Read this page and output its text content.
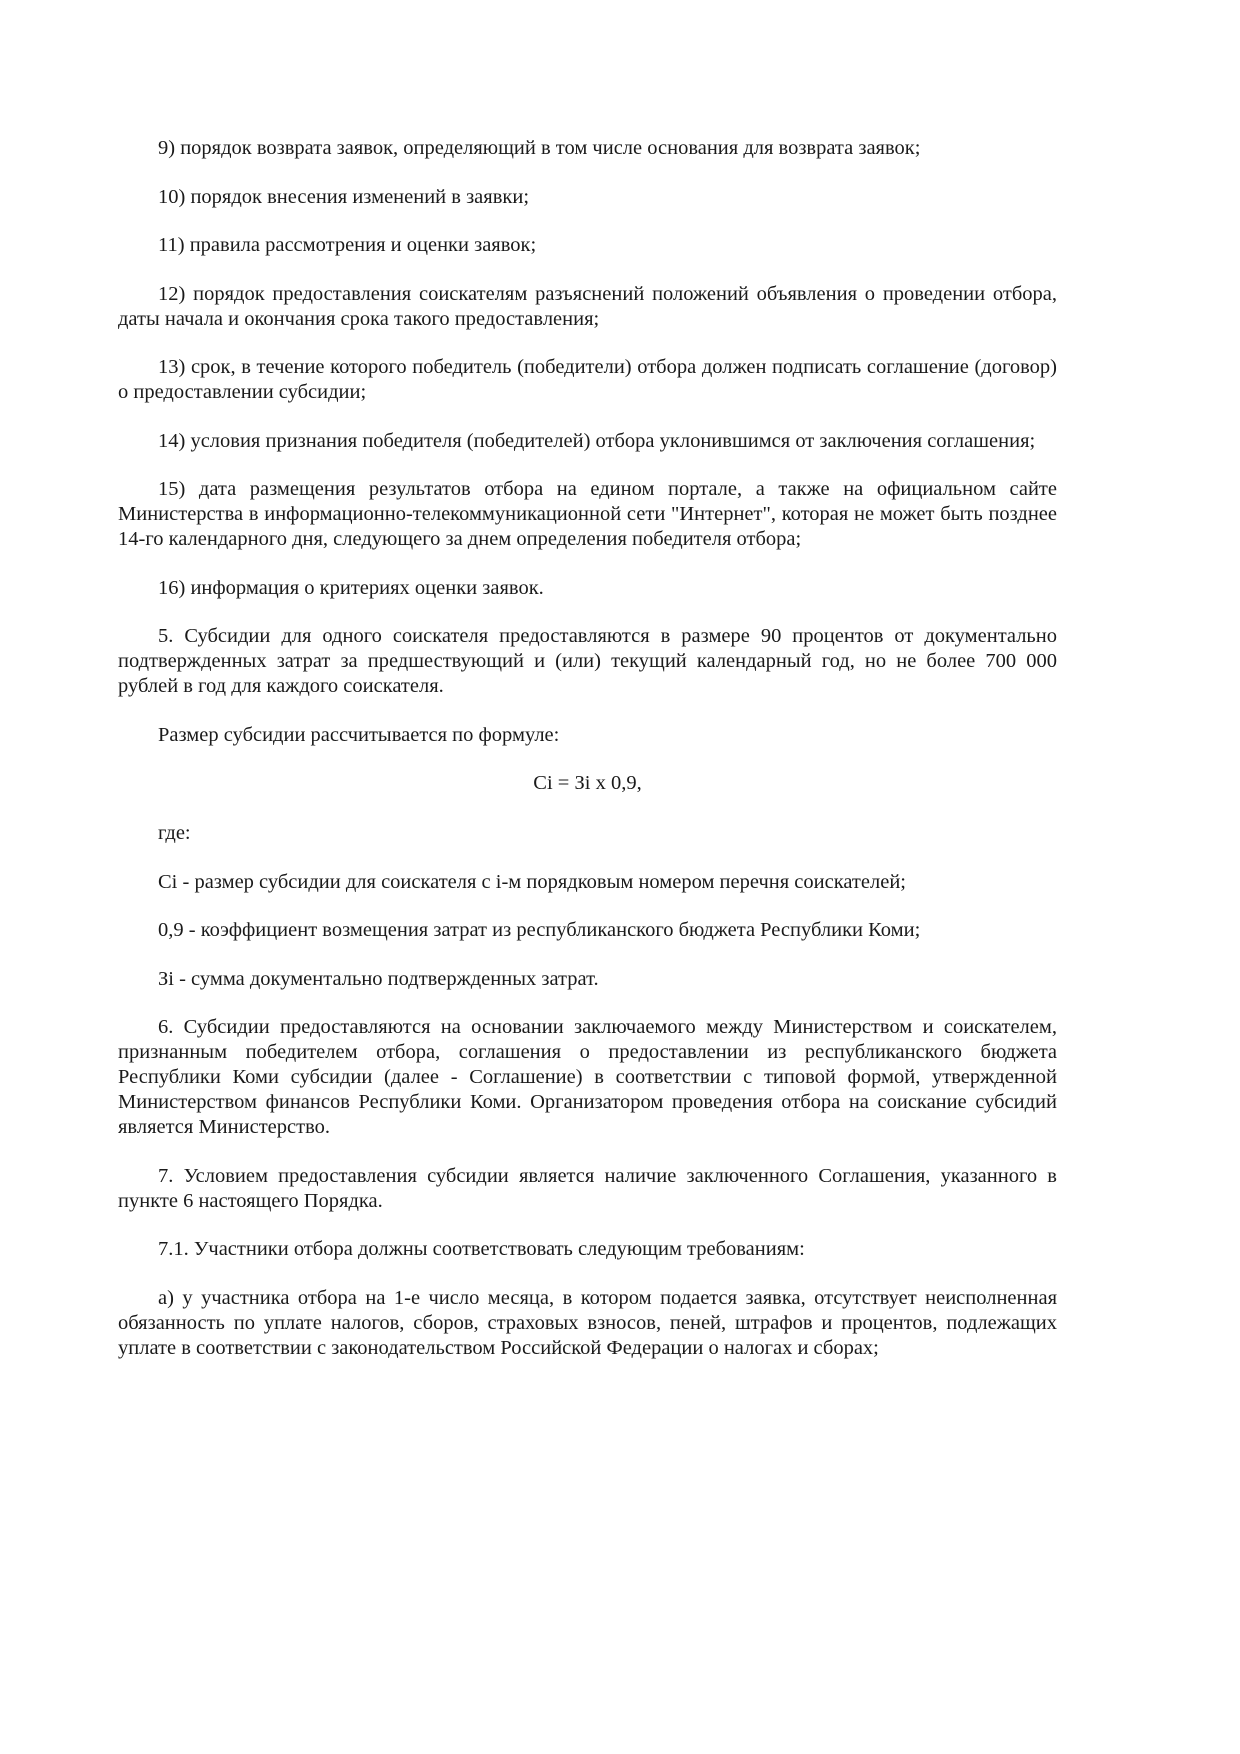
9) порядок возврата заявок, определяющий в том числе основания для возврата заявок;

10) порядок внесения изменений в заявки;

11) правила рассмотрения и оценки заявок;

12) порядок предоставления соискателям разъяснений положений объявления о проведении отбора, даты начала и окончания срока такого предоставления;

13) срок, в течение которого победитель (победители) отбора должен подписать соглашение (договор) о предоставлении субсидии;

14) условия признания победителя (победителей) отбора уклонившимся от заключения соглашения;

15) дата размещения результатов отбора на едином портале, а также на официальном сайте Министерства в информационно-телекоммуникационной сети "Интернет", которая не может быть позднее 14-го календарного дня, следующего за днем определения победителя отбора;

16) информация о критериях оценки заявок.

5. Субсидии для одного соискателя предоставляются в размере 90 процентов от документально подтвержденных затрат за предшествующий и (или) текущий календарный год, но не более 700 000 рублей в год для каждого соискателя.

Размер субсидии рассчитывается по формуле:

Ci = Зi x 0,9,

где:

Ci - размер субсидии для соискателя с i-м порядковым номером перечня соискателей;

0,9 - коэффициент возмещения затрат из республиканского бюджета Республики Коми;

Зi - сумма документально подтвержденных затрат.

6. Субсидии предоставляются на основании заключаемого между Министерством и соискателем, признанным победителем отбора, соглашения о предоставлении из республиканского бюджета Республики Коми субсидии (далее - Соглашение) в соответствии с типовой формой, утвержденной Министерством финансов Республики Коми. Организатором проведения отбора на соискание субсидий является Министерство.

7. Условием предоставления субсидии является наличие заключенного Соглашения, указанного в пункте 6 настоящего Порядка.

7.1. Участники отбора должны соответствовать следующим требованиям:

а) у участника отбора на 1-е число месяца, в котором подается заявка, отсутствует неисполненная обязанность по уплате налогов, сборов, страховых взносов, пеней, штрафов и процентов, подлежащих уплате в соответствии с законодательством Российской Федерации о налогах и сборах;
